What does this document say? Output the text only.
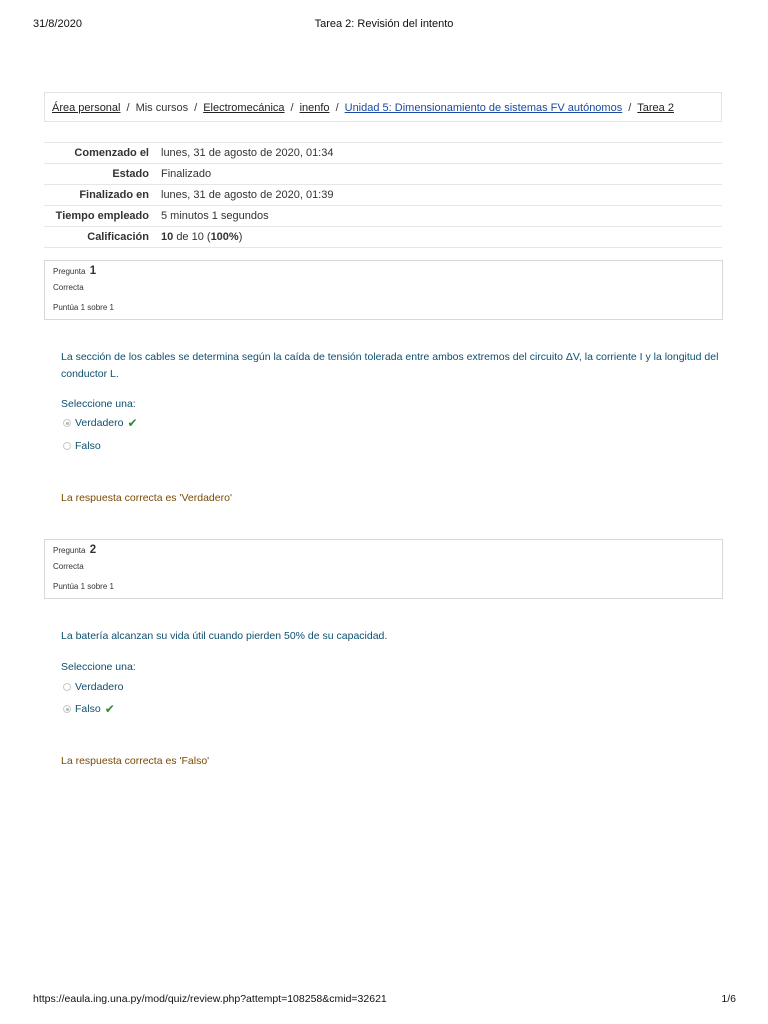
31/8/2020	Tarea 2: Revisión del intento
Área personal / Mis cursos / Electromecánica / inenfo / Unidad 5: Dimensionamiento de sistemas FV autónomos / Tarea 2
Comenzado el	lunes, 31 de agosto de 2020, 01:34
Estado	Finalizado
Finalizado en	lunes, 31 de agosto de 2020, 01:39
Tiempo empleado	5 minutos 1 segundos
Calificación	10 de 10 (100%)
Pregunta 1
Correcta
Puntúa 1 sobre 1
La sección de los cables se determina según la caída de tensión tolerada entre ambos extremos del circuito ΔV, la corriente I y la longitud del conductor L.
Seleccione una:
Verdadero ✔
Falso
La respuesta correcta es 'Verdadero'
Pregunta 2
Correcta
Puntúa 1 sobre 1
La batería alcanzan su vida útil cuando pierden 50% de su capacidad.
Seleccione una:
Verdadero
Falso ✔
La respuesta correcta es 'Falso'
https://eaula.ing.una.py/mod/quiz/review.php?attempt=108258&cmid=32621	1/6
